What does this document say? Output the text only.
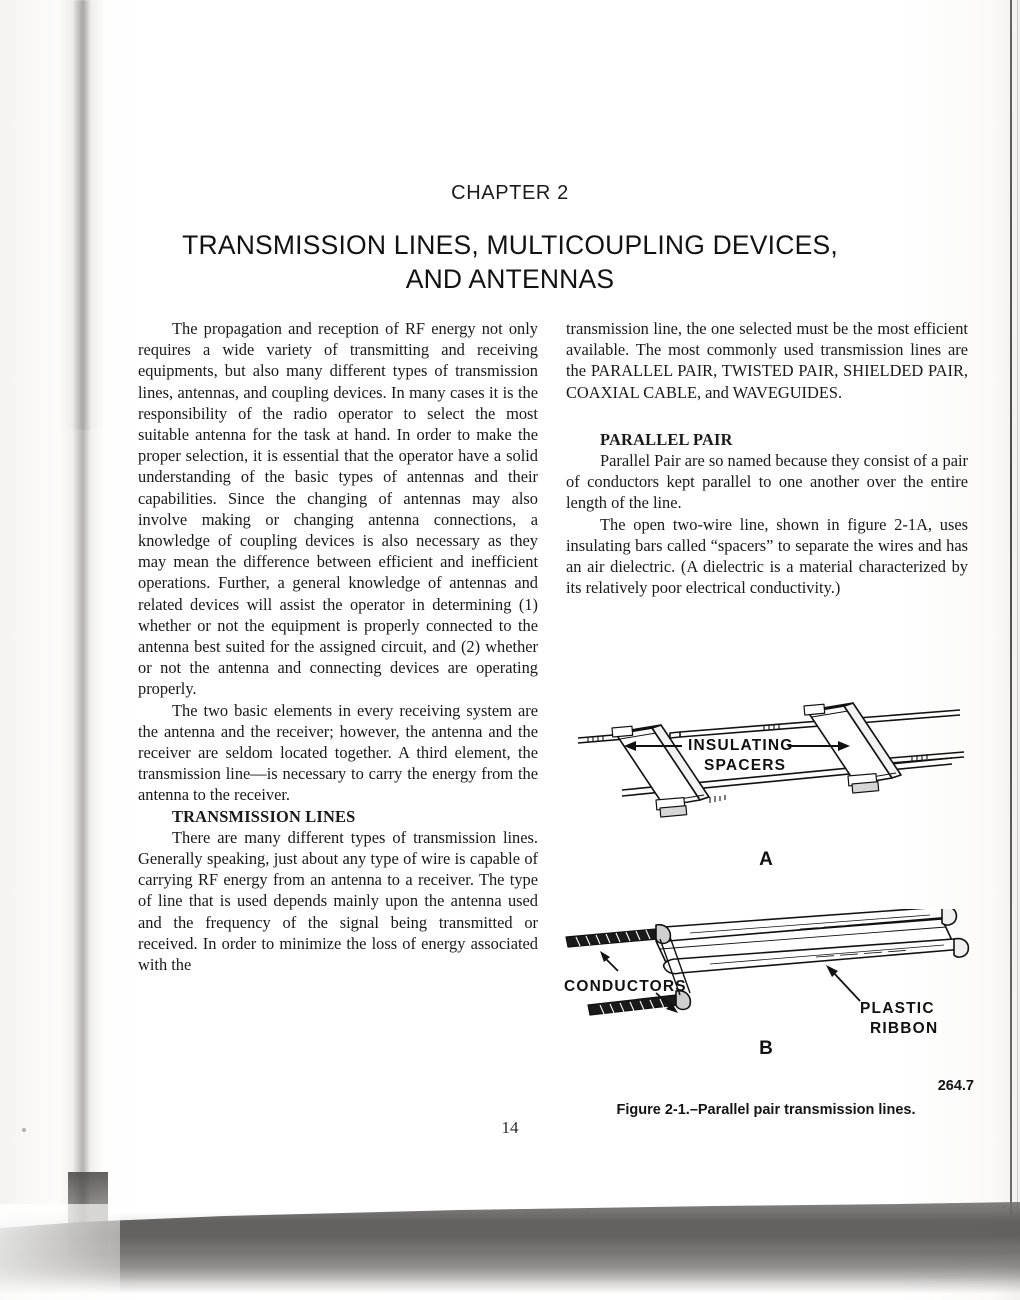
CHAPTER 2
TRANSMISSION LINES, MULTICOUPLING DEVICES,
AND ANTENNAS

The propagation and reception of RF energy not only requires a wide variety of transmitting and receiving equipments, but also many different types of transmission lines, antennas, and coupling devices. In many cases it is the responsibility of the radio operator to select the most suitable antenna for the task at hand. In order to make the proper selection, it is essential that the operator have a solid understanding of the basic types of antennas and their capabilities. Since the changing of antennas may also involve making or changing antenna connections, a knowledge of coupling devices is also necessary as they may mean the difference between efficient and inefficient operations. Further, a general knowledge of antennas and related devices will assist the operator in determining (1) whether or not the equipment is properly connected to the antenna best suited for the assigned circuit, and (2) whether or not the antenna and connecting devices are operating properly.

The two basic elements in every receiving system are the antenna and the receiver; however, the antenna and the receiver are seldom located together. A third element, the transmission line—is necessary to carry the energy from the antenna to the receiver.

TRANSMISSION LINES

There are many different types of transmission lines. Generally speaking, just about any type of wire is capable of carrying RF energy from an antenna to a receiver. The type of line that is used depends mainly upon the antenna used and the frequency of the signal being transmitted or received. In order to minimize the loss of energy associated with the

transmission line, the one selected must be the most efficient available. The most commonly used transmission lines are the PARALLEL PAIR, TWISTED PAIR, SHIELDED PAIR, COAXIAL CABLE, and WAVEGUIDES.

PARALLEL PAIR

Parallel Pair are so named because they consist of a pair of conductors kept parallel to one another over the entire length of the line.

The open two-wire line, shown in figure 2-1A, uses insulating bars called “spacers” to separate the wires and has an air dielectric. (A dielectric is a material characterized by its relatively poor electrical conductivity.)

INSULATING
SPACERS
A
CONDUCTORS
PLASTIC
RIBBON
B
264.7
Figure 2-1.–Parallel pair transmission lines.
14
